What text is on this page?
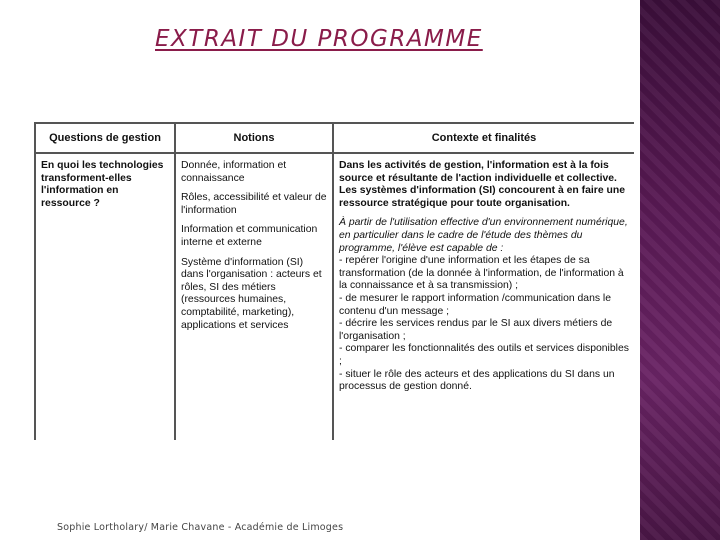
EXTRAIT DU PROGRAMME
Questions de gestion	Notions	Contexte et finalités

En quoi les technologies transforment-elles l'information en ressource ?

Donnée, information et connaissance

Rôles, accessibilité et valeur de l'information

Information et communication interne et externe

Système d'information (SI) dans l'organisation : acteurs et rôles, SI des métiers (ressources humaines, comptabilité, marketing), applications et services

Dans les activités de gestion, l'information est à la fois source et résultante de l'action individuelle et collective. Les systèmes d'information (SI) concourent à en faire une ressource stratégique pour toute organisation.

À partir de l'utilisation effective d'un environnement numérique, en particulier dans le cadre de l'étude des thèmes du programme, l'élève est capable de :

- repérer l'origine d'une information et les étapes de sa transformation (de la donnée à l'information, de l'information à la connaissance et à sa transmission) ;
- de mesurer le rapport information /communication dans le contenu d'un message ;
- décrire les services rendus par le SI aux divers métiers de l'organisation ;
- comparer les fonctionnalités des outils et services disponibles ;
- situer le rôle des acteurs et des applications du SI dans un processus de gestion donné.
Sophie Lortholary/ Marie Chavane - Académie de Limoges
